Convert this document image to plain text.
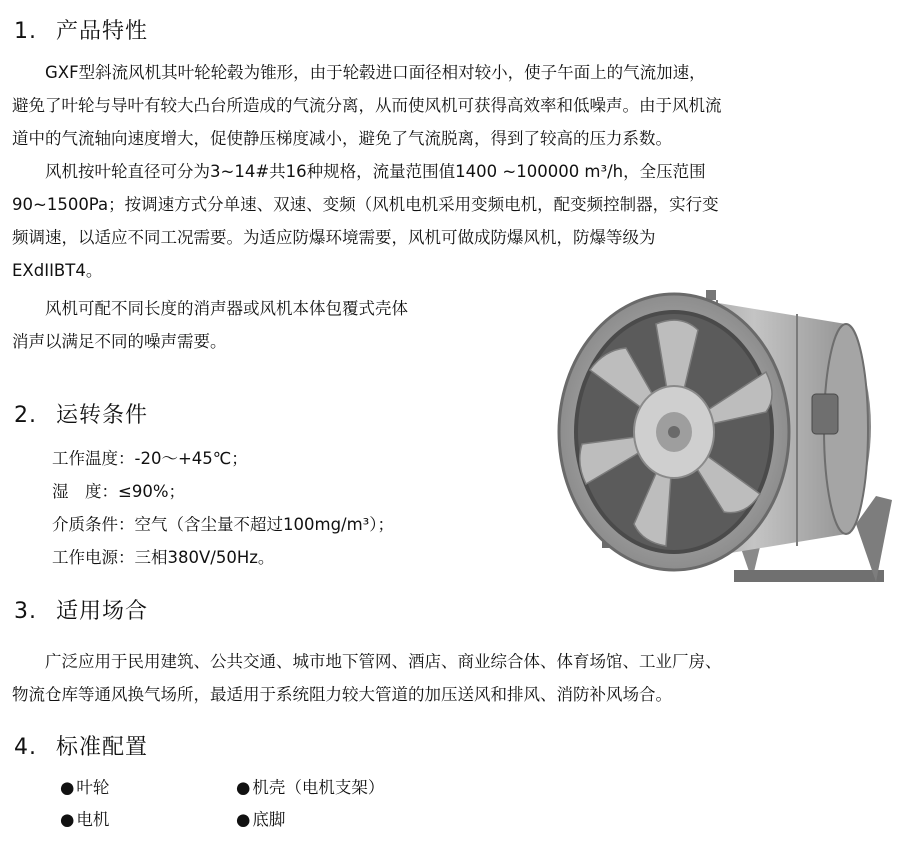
1. 产品特性
　　GXF型斜流风机其叶轮轮毂为锥形，由于轮毂进口面径相对较小，使子午面上的气流加速，
避免了叶轮与导叶有较大凸台所造成的气流分离，从而使风机可获得高效率和低噪声。由于风机流
道中的气流轴向速度增大，促使静压梯度减小，避免了气流脱离，得到了较高的压力系数。
　　风机按叶轮直径可分为3~14#共16种规格，流量范围值1400 ~100000 m³/h，全压范围
90~1500Pa；按调速方式分单速、双速、变频（风机电机采用变频电机，配变频控制器，实行变
频调速，以适应不同工况需要。为适应防爆环境需要，风机可做成防爆风机，防爆等级为
EXdIIBT4。
　　风机可配不同长度的消声器或风机本体包覆式壳体
消声以满足不同的噪声需要。
2. 运转条件
工作温度：-20～+45℃；
湿　度：≤90%；
介质条件：空气（含尘量不超过100mg/m³）；
工作电源：三相380V/50Hz。
3. 适用场合
　　广泛应用于民用建筑、公共交通、城市地下管网、酒店、商业综合体、体育场馆、工业厂房、
物流仓库等通风换气场所，最适用于系统阻力较大管道的加压送风和排风、消防补风场合。
4. 标准配置
● 叶轮	● 机壳（电机支架）
● 电机	● 底脚
